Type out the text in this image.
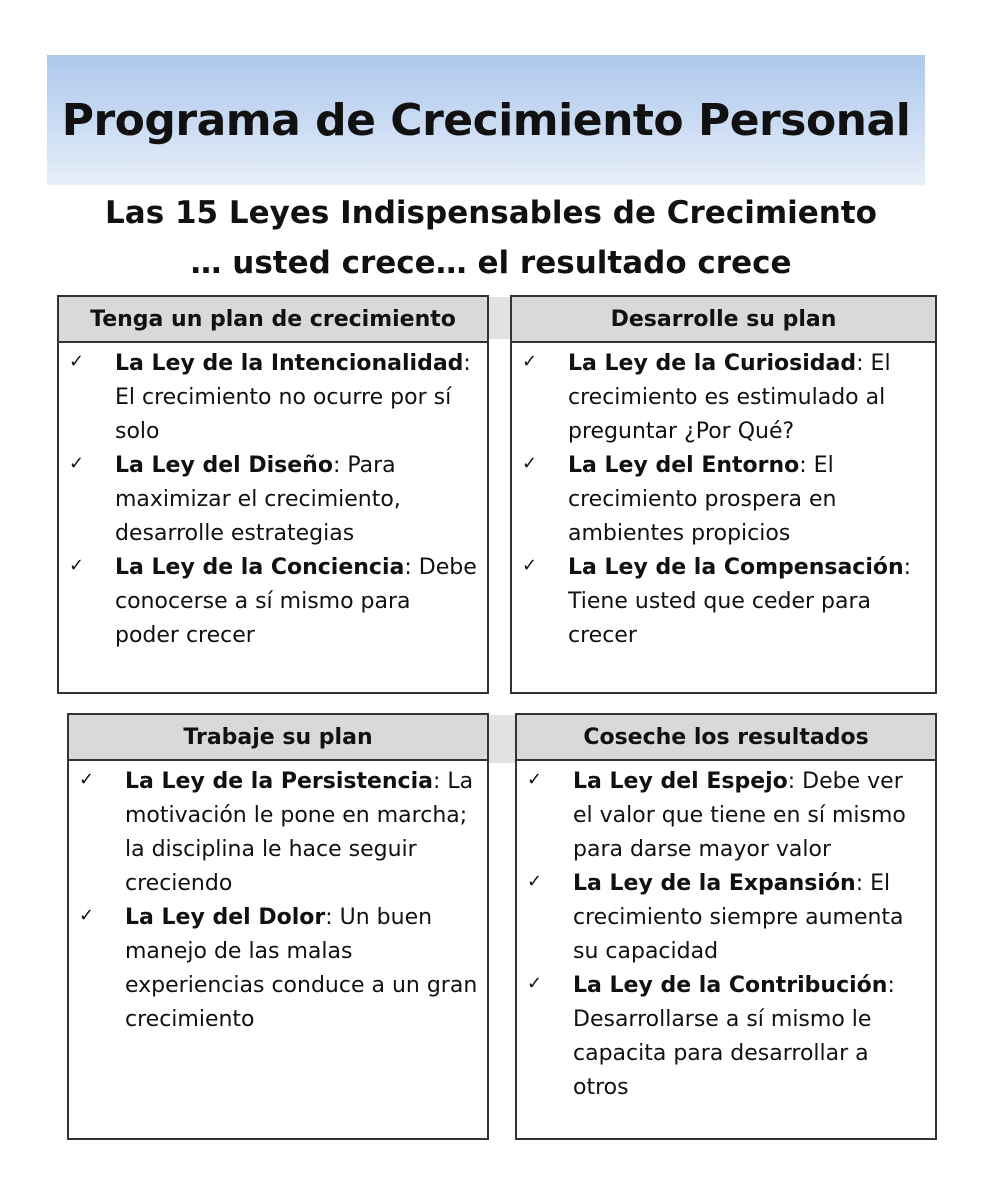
Programa de Crecimiento Personal

Las 15 Leyes Indispensables de Crecimiento

… usted crece… el resultado crece

Tenga un plan de crecimiento
✓ La Ley de la Intencionalidad: El crecimiento no ocurre por sí solo
✓ La Ley del Diseño: Para maximizar el crecimiento, desarrolle estrategias
✓ La Ley de la Conciencia: Debe conocerse a sí mismo para poder crecer
Desarrolle su plan
✓ La Ley de la Curiosidad: El crecimiento es estimulado al preguntar ¿Por Qué?
✓ La Ley del Entorno: El crecimiento prospera en ambientes propicios
✓ La Ley de la Compensación: Tiene usted que ceder para crecer
Trabaje su plan
✓ La Ley de la Persistencia: La motivación le pone en marcha; la disciplina le hace seguir creciendo
✓ La Ley del Dolor: Un buen manejo de las malas experiencias conduce a un gran crecimiento
Coseche los resultados
✓ La Ley del Espejo: Debe ver el valor que tiene en sí mismo para darse mayor valor
✓ La Ley de la Expansión: El crecimiento siempre aumenta su capacidad
✓ La Ley de la Contribución: Desarrollarse a sí mismo le capacita para desarrollar a otros
